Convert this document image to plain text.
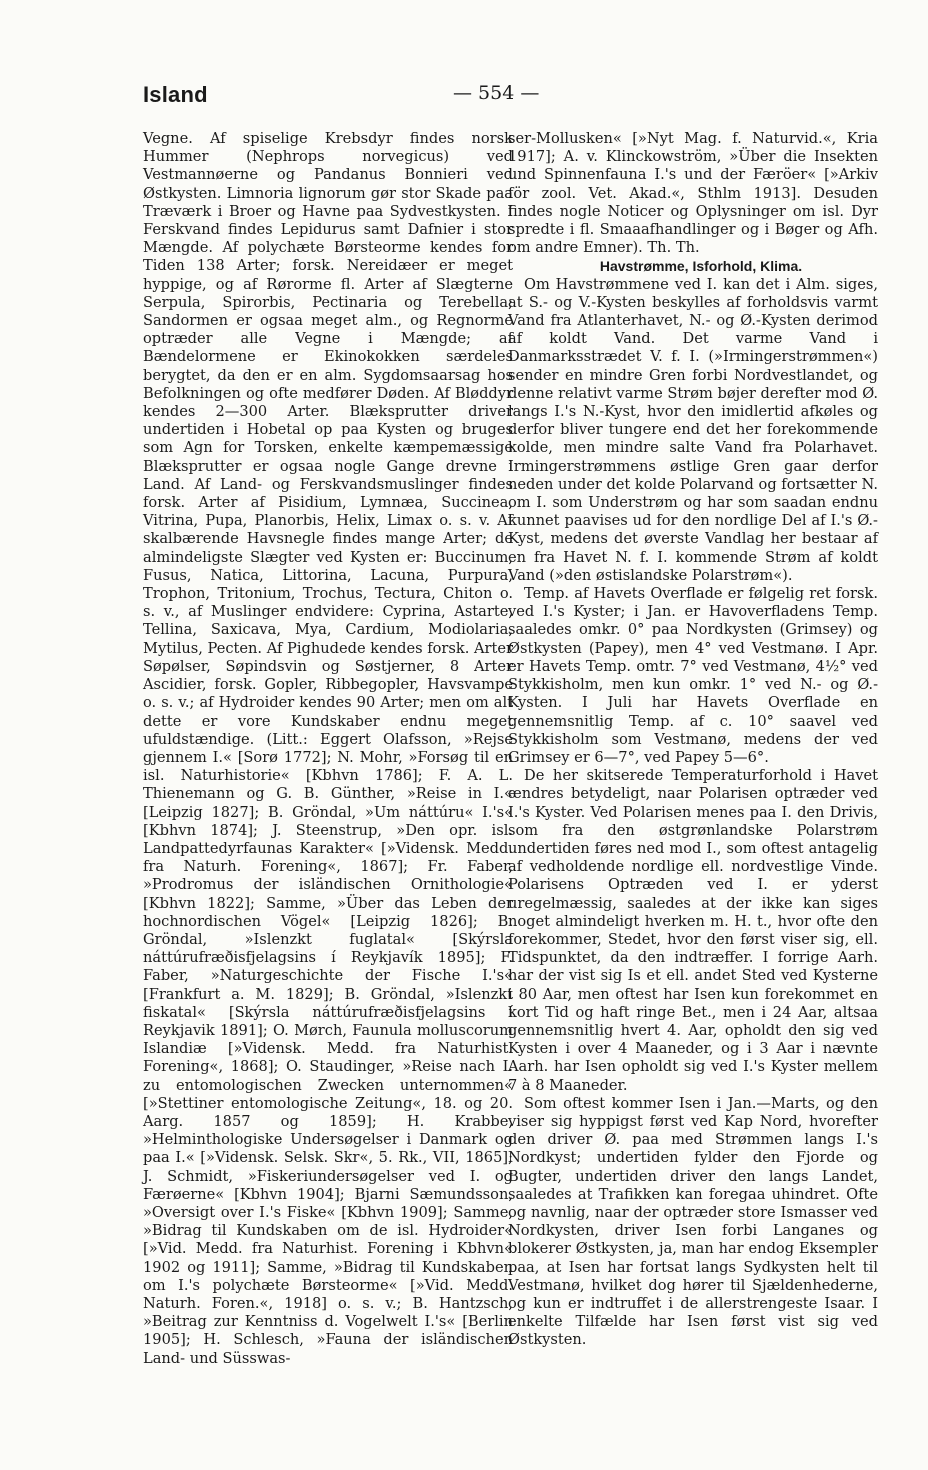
Island	— 554 —

Vegne. Af spiselige Krebsdyr findes norsk Hummer (Nephrops norvegicus) ved Vestmannøerne og Pandanus Bonnieri ved Østkysten. Limnoria lignorum gør stor Skade paa Træværk i Broer og Havne paa Sydvestkysten. I Ferskvand findes Lepidurus samt Dafnier i stor Mængde. Af polychæte Børsteorme kendes for Tiden 138 Arter; forsk. Nereidæer er meget hyppige, og af Rørorme fl. Arter af Slægterne Serpula, Spirorbis, Pectinaria og Terebella; Sandormen er ogsaa meget alm., og Regnorme optræder alle Vegne i Mængde; af Bændelormene er Ekinokokken særdeles berygtet, da den er en alm. Sygdomsaarsag hos Befolkningen og ofte medfører Døden. Af Bløddyr kendes 2—300 Arter. Blæksprutter driver undertiden i Hobetal op paa Kysten og bruges som Agn for Torsken, enkelte kæmpemæssige Blæksprutter er ogsaa nogle Gange drevne i Land. Af Land- og Ferskvandsmuslinger findes forsk. Arter af Pisidium, Lymnæa, Succinea, Vitrina, Pupa, Planorbis, Helix, Limax o. s. v. Af skalbærende Havsnegle findes mange Arter; de almindeligste Slægter ved Kysten er: Buccinum, Fusus, Natica, Littorina, Lacuna, Purpura, Trophon, Tritonium, Trochus, Tectura, Chiton o. s. v., af Muslinger endvidere: Cyprina, Astarte, Tellina, Saxicava, Mya, Cardium, Modiolaria, Mytilus, Pecten. Af Pighudede kendes forsk. Arter Søpølser, Søpindsvin og Søstjerner, 8 Arter Ascidier, forsk. Gopler, Ribbegopler, Havsvampe o. s. v.; af Hydroider kendes 90 Arter; men om alt dette er vore Kundskaber endnu meget ufuldstændige. (Litt.: Eggert Olafsson, »Rejse gjennem I.« [Sorø 1772]; N. Mohr, »Forsøg til en isl. Naturhistorie« [Kbhvn 1786]; F. A. L. Thienemann og G. B. Günther, »Reise in I.« [Leipzig 1827]; B. Gröndal, »Um náttúru« I.'s« [Kbhvn 1874]; J. Steenstrup, »Den opr. isl. Landpattedyrfaunas Karakter« [»Vidensk. Medd. fra Naturh. Forening«, 1867]; Fr. Faber, »Prodromus der isländischen Ornithologie« [Kbhvn 1822]; Samme, »Über das Leben der hochnordischen Vögel« [Leipzig 1826]; B. Gröndal, »Islenzkt fuglatal« [Skýrsla náttúrufræðisfjelagsins í Reykjavík 1895]; F. Faber, »Naturgeschichte der Fische I.'s« [Frankfurt a. M. 1829]; B. Gröndal, »Islenzkt fiskatal« [Skýrsla náttúrufræðisfjelagsins í Reykjavik 1891]; O. Mørch, Faunula molluscorum Islandiæ [»Vidensk. Medd. fra Naturhist. Forening«, 1868]; O. Staudinger, »Reise nach I. zu entomologischen Zwecken unternommen« [»Stettiner entomologische Zeitung«, 18. og 20. Aarg. 1857 og 1859]; H. Krabbe, »Helminthologiske Undersøgelser i Danmark og paa I.« [»Vidensk. Selsk. Skr«, 5. Rk., VII, 1865]; J. Schmidt, »Fiskeriundersøgelser ved I. og Færøerne« [Kbhvn 1904]; Bjarni Sæmundsson, »Oversigt over I.'s Fiske« [Kbhvn 1909]; Samme, »Bidrag til Kundskaben om de isl. Hydroider« [»Vid. Medd. fra Naturhist. Forening i Kbhvn« 1902 og 1911]; Samme, »Bidrag til Kundskaben om I.'s polychæte Børsteorme« [»Vid. Medd. Naturh. Foren.«, 1918] o. s. v.; B. Hantzsch, »Beitrag zur Kenntniss d. Vogelwelt I.'s« [Berlin 1905]; H. Schlesch, »Fauna der isländischen Land- und Süsswas-

ser-Mollusken« [»Nyt Mag. f. Naturvid.«, Kria 1917]; A. v. Klinckowström, »Über die Insekten und Spinnenfauna I.'s und der Færöer« [»Arkiv för zool. Vet. Akad.«, Sthlm 1913]. Desuden findes nogle Noticer og Oplysninger om isl. Dyr spredte i fl. Smaaafhandlinger og i Bøger og Afh. om andre Emner). Th. Th.

Havstrømme, Isforhold, Klima.

Om Havstrømmene ved I. kan det i Alm. siges, at S.- og V.-Kysten beskylles af forholdsvis varmt Vand fra Atlanterhavet, N.- og Ø.-Kysten derimod af koldt Vand. Det varme Vand i Danmarksstrædet V. f. I. (»Irmingerstrømmen«) sender en mindre Gren forbi Nordvestlandet, og denne relativt varme Strøm bøjer derefter mod Ø. langs I.'s N.-Kyst, hvor den imidlertid afkøles og derfor bliver tungere end det her forekommende kolde, men mindre salte Vand fra Polarhavet. Irmingerstrømmens østlige Gren gaar derfor neden under det kolde Polarvand og fortsætter N. om I. som Understrøm og har som saadan endnu kunnet paavises ud for den nordlige Del af I.'s Ø.-Kyst, medens det øverste Vandlag her bestaar af en fra Havet N. f. I. kommende Strøm af koldt Vand (»den østislandske Polarstrøm«).

Temp. af Havets Overflade er følgelig ret forsk. ved I.'s Kyster; i Jan. er Havoverfladens Temp. saaledes omkr. 0° paa Nordkysten (Grimsey) og Østkysten (Papey), men 4° ved Vestmanø. I Apr. er Havets Temp. omtr. 7° ved Vestmanø, 4½° ved Stykkisholm, men kun omkr. 1° ved N.- og Ø.-Kysten. I Juli har Havets Overflade en gennemsnitlig Temp. af c. 10° saavel ved Stykkisholm som Vestmanø, medens der ved Grimsey er 6—7°, ved Papey 5—6°.

De her skitserede Temperaturforhold i Havet ændres betydeligt, naar Polarisen optræder ved I.'s Kyster. Ved Polarisen menes paa I. den Drivis, som fra den østgrønlandske Polarstrøm undertiden føres ned mod I., som oftest antagelig af vedholdende nordlige ell. nordvestlige Vinde. Polarisens Optræden ved I. er yderst uregelmæssig, saaledes at der ikke kan siges noget almindeligt hverken m. H. t., hvor ofte den forekommer, Stedet, hvor den først viser sig, ell. Tidspunktet, da den indtræffer. I forrige Aarh. har der vist sig Is et ell. andet Sted ved Kysterne i 80 Aar, men oftest har Isen kun forekommet en kort Tid og haft ringe Bet., men i 24 Aar, altsaa gennemsnitlig hvert 4. Aar, opholdt den sig ved Kysten i over 4 Maaneder, og i 3 Aar i nævnte Aarh. har Isen opholdt sig ved I.'s Kyster mellem 7 à 8 Maaneder.

Som oftest kommer Isen i Jan.—Marts, og den viser sig hyppigst først ved Kap Nord, hvorefter den driver Ø. paa med Strømmen langs I.'s Nordkyst; undertiden fylder den Fjorde og Bugter, undertiden driver den langs Landet, saaledes at Trafikken kan foregaa uhindret. Ofte og navnlig, naar der optræder store Ismasser ved Nordkysten, driver Isen forbi Langanes og blokerer Østkysten, ja, man har endog Eksempler paa, at Isen har fortsat langs Sydkysten helt til Vestmanø, hvilket dog hører til Sjældenhederne, og kun er indtruffet i de allerstrengeste Isaar. I enkelte Tilfælde har Isen først vist sig ved Østkysten.
